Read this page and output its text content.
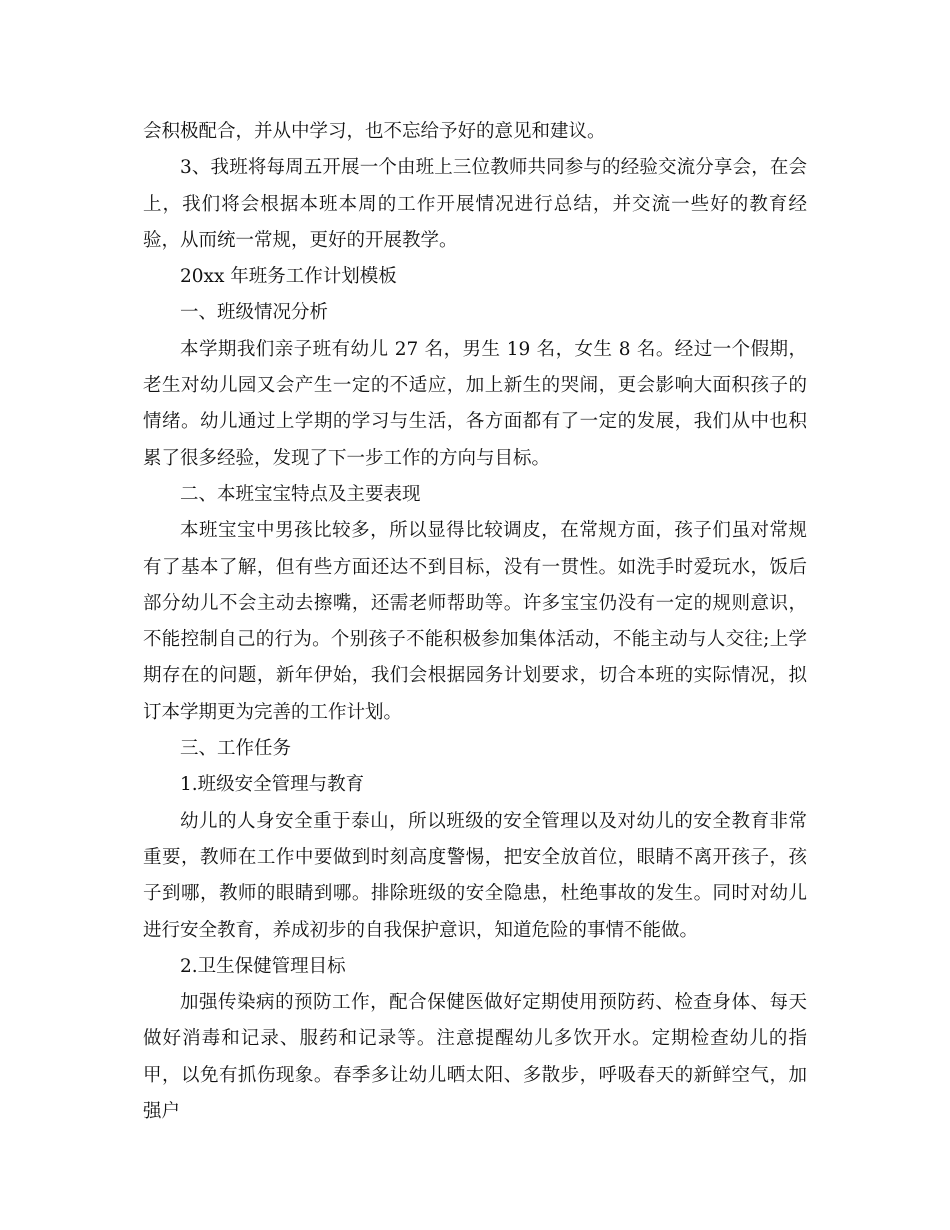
会积极配合，并从中学习，也不忘给予好的意见和建议。

3、我班将每周五开展一个由班上三位教师共同参与的经验交流分享会，在会上，我们将会根据本班本周的工作开展情况进行总结，并交流一些好的教育经验，从而统一常规，更好的开展教学。

20xx 年班务工作计划模板

一、班级情况分析

本学期我们亲子班有幼儿 27 名，男生 19 名，女生 8 名。经过一个假期，老生对幼儿园又会产生一定的不适应，加上新生的哭闹，更会影响大面积孩子的情绪。幼儿通过上学期的学习与生活，各方面都有了一定的发展，我们从中也积累了很多经验，发现了下一步工作的方向与目标。

二、本班宝宝特点及主要表现

本班宝宝中男孩比较多，所以显得比较调皮，在常规方面，孩子们虽对常规有了基本了解，但有些方面还达不到目标，没有一贯性。如洗手时爱玩水，饭后部分幼儿不会主动去擦嘴，还需老师帮助等。许多宝宝仍没有一定的规则意识，不能控制自己的行为。个别孩子不能积极参加集体活动，不能主动与人交往;上学期存在的问题，新年伊始，我们会根据园务计划要求，切合本班的实际情况，拟订本学期更为完善的工作计划。

三、工作任务

1.班级安全管理与教育

幼儿的人身安全重于泰山，所以班级的安全管理以及对幼儿的安全教育非常重要，教师在工作中要做到时刻高度警惕，把安全放首位，眼睛不离开孩子，孩子到哪，教师的眼睛到哪。排除班级的安全隐患，杜绝事故的发生。同时对幼儿进行安全教育，养成初步的自我保护意识，知道危险的事情不能做。

2.卫生保健管理目标

加强传染病的预防工作，配合保健医做好定期使用预防药、检查身体、每天做好消毒和记录、服药和记录等。注意提醒幼儿多饮开水。定期检查幼儿的指甲，以免有抓伤现象。春季多让幼儿晒太阳、多散步，呼吸春天的新鲜空气，加强户
